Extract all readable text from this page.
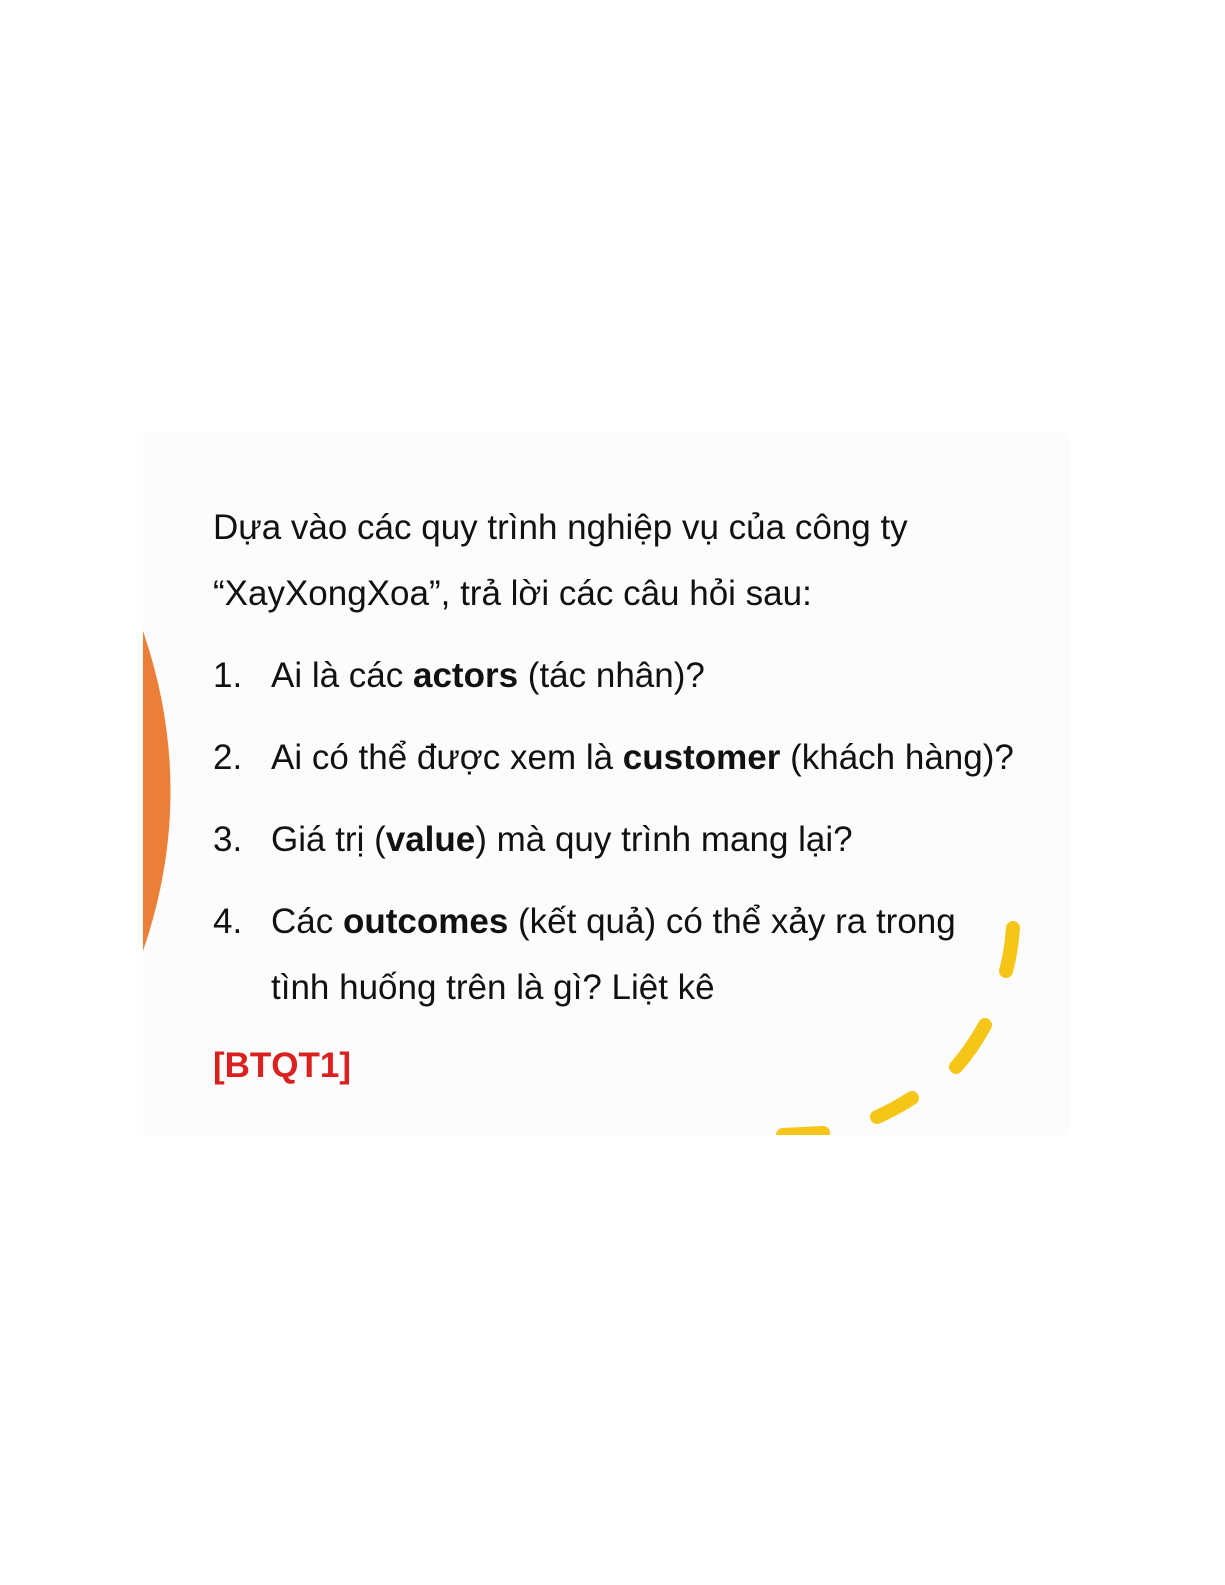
Dựa vào các quy trình nghiệp vụ của công ty “XayXongXoa”, trả lời các câu hỏi sau:

1. Ai là các actors (tác nhân)?
2. Ai có thể được xem là customer (khách hàng)?
3. Giá trị (value) mà quy trình mang lại?
4. Các outcomes (kết quả) có thể xảy ra trong tình huống trên là gì? Liệt kê
[BTQT1]
